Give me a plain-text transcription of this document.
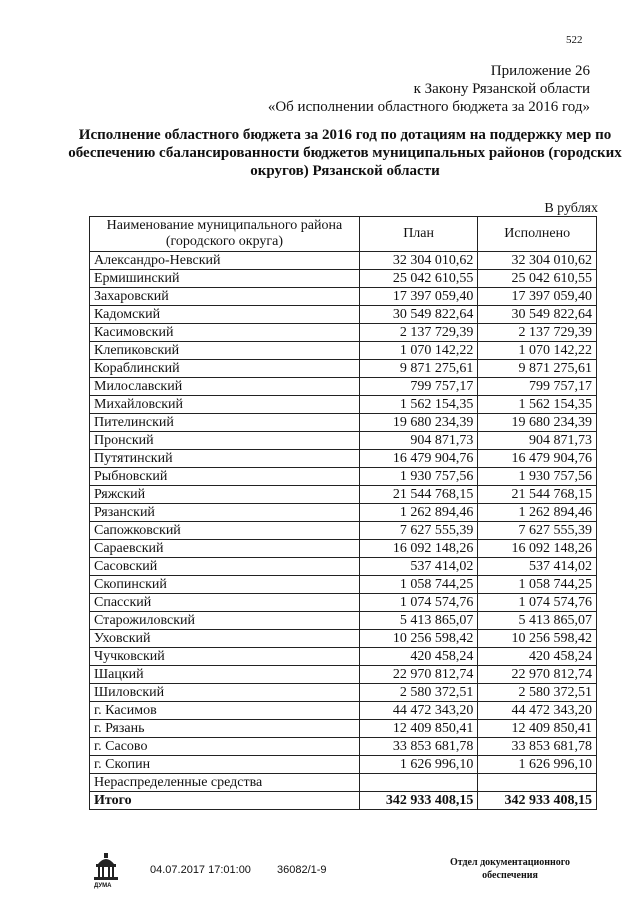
522
Приложение 26
к Закону Рязанской области
«Об исполнении областного бюджета за 2016 год»
Исполнение областного бюджета за 2016 год по дотациям на поддержку мер по обеспечению сбалансированности бюджетов муниципальных районов (городских округов) Рязанской области
В рублях
Наименование муниципального района (городского округа)	План	Исполнено
Александро-Невский	32 304 010,62	32 304 010,62
Ермишинский	25 042 610,55	25 042 610,55
Захаровский	17 397 059,40	17 397 059,40
Кадомский	30 549 822,64	30 549 822,64
Касимовский	2 137 729,39	2 137 729,39
Клепиковский	1 070 142,22	1 070 142,22
Кораблинский	9 871 275,61	9 871 275,61
Милославский	799 757,17	799 757,17
Михайловский	1 562 154,35	1 562 154,35
Пителинский	19 680 234,39	19 680 234,39
Пронский	904 871,73	904 871,73
Путятинский	16 479 904,76	16 479 904,76
Рыбновский	1 930 757,56	1 930 757,56
Ряжский	21 544 768,15	21 544 768,15
Рязанский	1 262 894,46	1 262 894,46
Сапожковский	7 627 555,39	7 627 555,39
Сараевский	16 092 148,26	16 092 148,26
Сасовский	537 414,02	537 414,02
Скопинский	1 058 744,25	1 058 744,25
Спасский	1 074 574,76	1 074 574,76
Старожиловский	5 413 865,07	5 413 865,07
Уховский	10 256 598,42	10 256 598,42
Чучковский	420 458,24	420 458,24
Шацкий	22 970 812,74	22 970 812,74
Шиловский	2 580 372,51	2 580 372,51
г. Касимов	44 472 343,20	44 472 343,20
г. Рязань	12 409 850,41	12 409 850,41
г. Сасово	33 853 681,78	33 853 681,78
г. Скопин	1 626 996,10	1 626 996,10
Нераспределенные средства		
Итого	342 933 408,15	342 933 408,15
ДУМА
04.07.2017 17:01:00 36082/1-9
Отдел документационного обеспечения
